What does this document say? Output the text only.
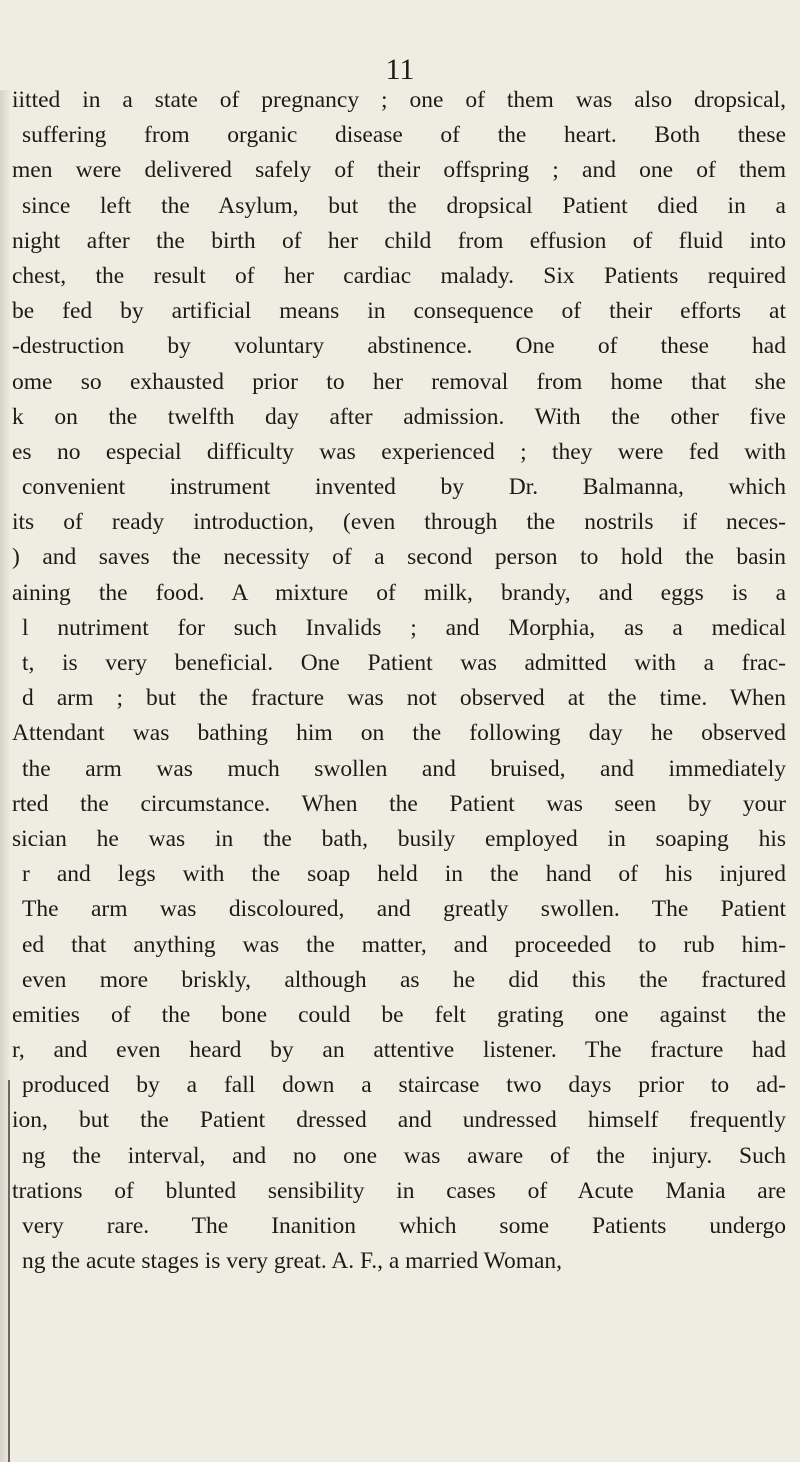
11
iitted in a state of pregnancy ; one of them was also dropsical,
suffering from organic disease of the heart. Both these
men were delivered safely of their offspring ; and one of them
since left the Asylum, but the dropsical Patient died in a
night after the birth of her child from effusion of fluid into
chest, the result of her cardiac malady. Six Patients required
be fed by artificial means in consequence of their efforts at
-destruction by voluntary abstinence. One of these had
ome so exhausted prior to her removal from home that she
k on the twelfth day after admission. With the other five
es no especial difficulty was experienced ; they were fed with
convenient instrument invented by Dr. Balmanna, which
its of ready introduction, (even through the nostrils if neces-
) and saves the necessity of a second person to hold the basin
aining the food. A mixture of milk, brandy, and eggs is a
l nutriment for such Invalids ; and Morphia, as a medical
t, is very beneficial. One Patient was admitted with a frac-
d arm ; but the fracture was not observed at the time. When
Attendant was bathing him on the following day he observed
the arm was much swollen and bruised, and immediately
rted the circumstance. When the Patient was seen by your
sician he was in the bath, busily employed in soaping his
r and legs with the soap held in the hand of his injured
The arm was discoloured, and greatly swollen. The Patient
ed that anything was the matter, and proceeded to rub him-
even more briskly, although as he did this the fractured
emities of the bone could be felt grating one against the
r, and even heard by an attentive listener. The fracture had
produced by a fall down a staircase two days prior to ad-
ion, but the Patient dressed and undressed himself frequently
ng the interval, and no one was aware of the injury. Such
trations of blunted sensibility in cases of Acute Mania are
very rare. The Inanition which some Patients undergo
ng the acute stages is very great. A. F., a married Woman,
